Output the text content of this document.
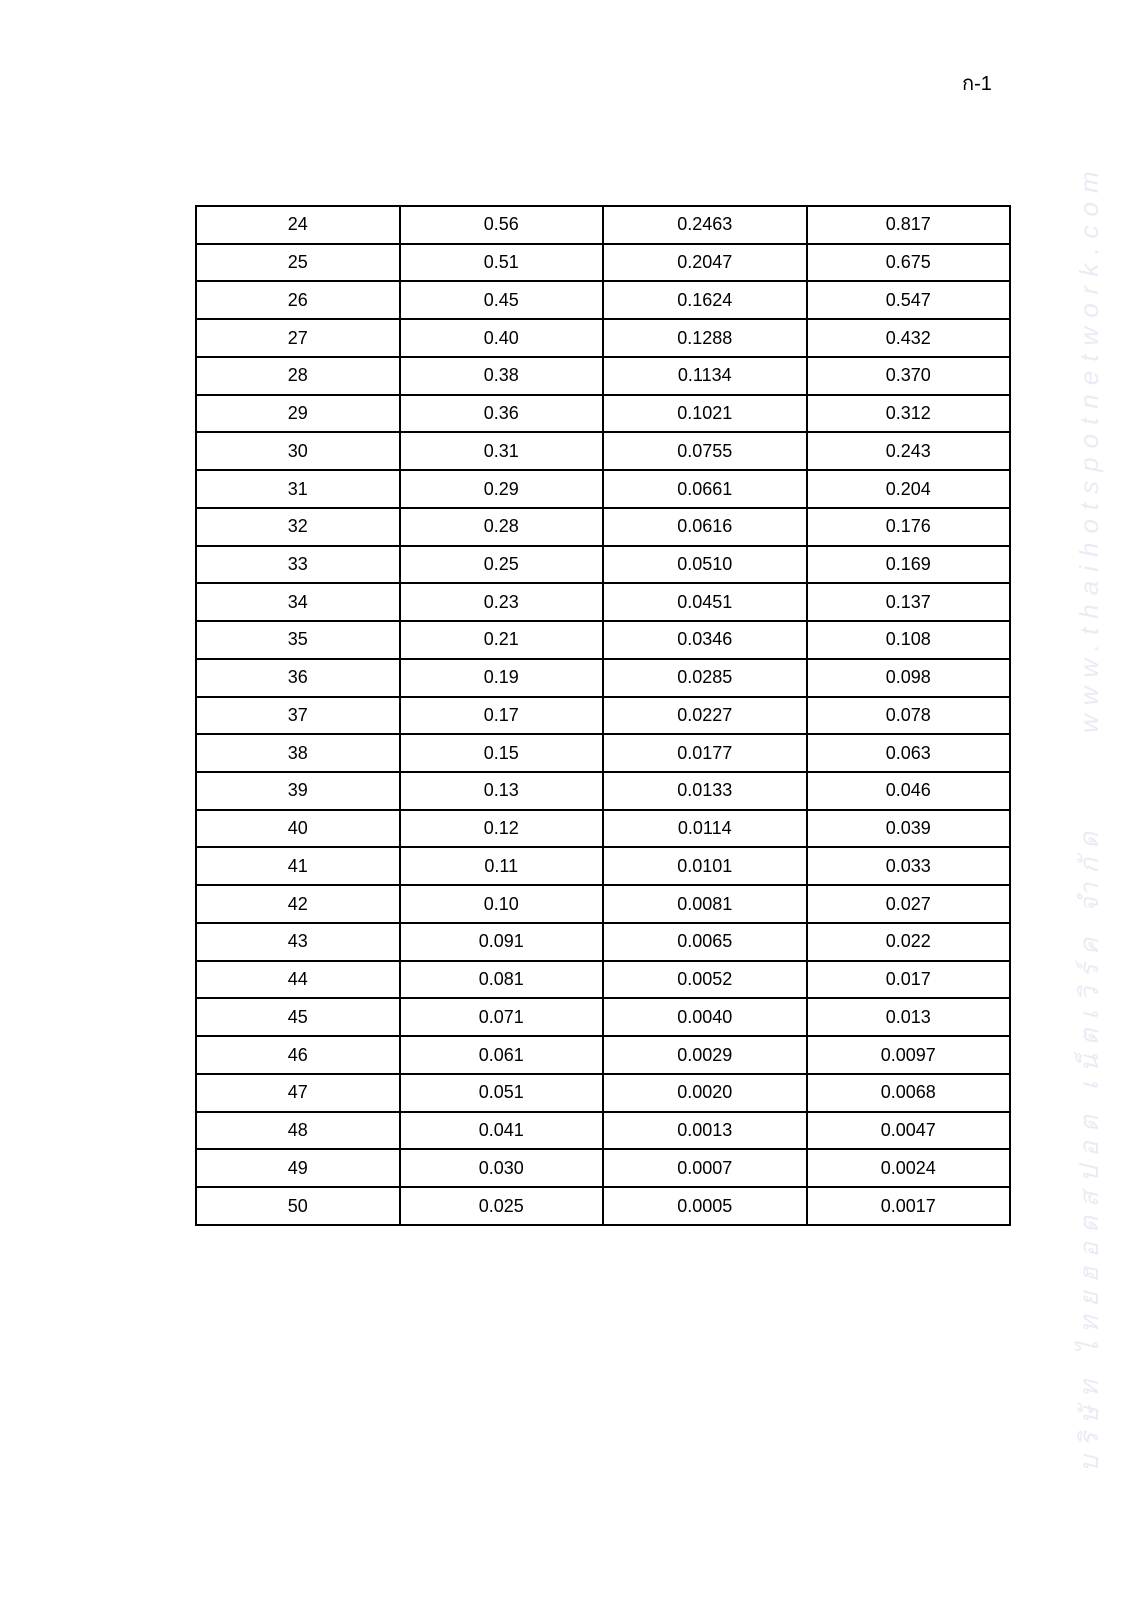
ก-1
24	0.56	0.2463	0.817
25	0.51	0.2047	0.675
26	0.45	0.1624	0.547
27	0.40	0.1288	0.432
28	0.38	0.1134	0.370
29	0.36	0.1021	0.312
30	0.31	0.0755	0.243
31	0.29	0.0661	0.204
32	0.28	0.0616	0.176
33	0.25	0.0510	0.169
34	0.23	0.0451	0.137
35	0.21	0.0346	0.108
36	0.19	0.0285	0.098
37	0.17	0.0227	0.078
38	0.15	0.0177	0.063
39	0.13	0.0133	0.046
40	0.12	0.0114	0.039
41	0.11	0.0101	0.033
42	0.10	0.0081	0.027
43	0.091	0.0065	0.022
44	0.081	0.0052	0.017
45	0.071	0.0040	0.013
46	0.061	0.0029	0.0097
47	0.051	0.0020	0.0068
48	0.041	0.0013	0.0047
49	0.030	0.0007	0.0024
50	0.025	0.0005	0.0017	บริษัท ไทยฮอตสปอต เน็ตเวิร์ค จำกัดwww.thaihotspotnetwork.com
